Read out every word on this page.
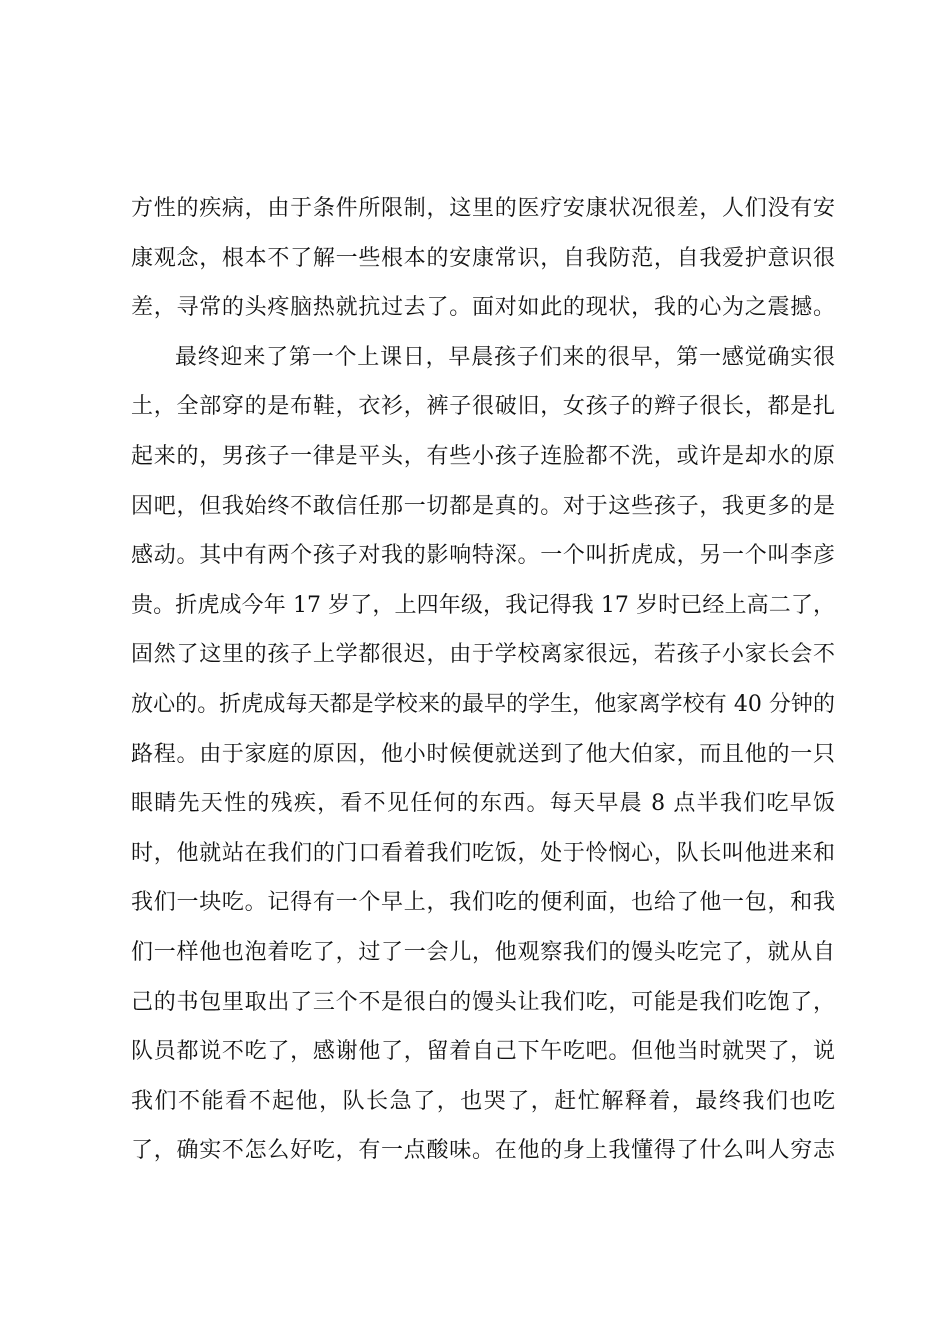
方性的疾病，由于条件所限制，这里的医疗安康状况很差，人们没有安
康观念，根本不了解一些根本的安康常识，自我防范，自我爱护意识很
差，寻常的头疼脑热就抗过去了。面对如此的现状，我的心为之震撼。
最终迎来了第一个上课日，早晨孩子们来的很早，第一感觉确实很
土，全部穿的是布鞋，衣衫，裤子很破旧，女孩子的辫子很长，都是扎
起来的，男孩子一律是平头，有些小孩子连脸都不洗，或许是却水的原
因吧，但我始终不敢信任那一切都是真的。对于这些孩子，我更多的是
感动。其中有两个孩子对我的影响特深。一个叫折虎成，另一个叫李彦
贵。折虎成今年 17 岁了，上四年级，我记得我 17 岁时已经上高二了，
固然了这里的孩子上学都很迟，由于学校离家很远，若孩子小家长会不
放心的。折虎成每天都是学校来的最早的学生，他家离学校有 40 分钟的
路程。由于家庭的原因，他小时候便就送到了他大伯家，而且他的一只
眼睛先天性的残疾，看不见任何的东西。每天早晨 8 点半我们吃早饭
时，他就站在我们的门口看着我们吃饭，处于怜悯心，队长叫他进来和
我们一块吃。记得有一个早上，我们吃的便利面，也给了他一包，和我
们一样他也泡着吃了，过了一会儿，他观察我们的馒头吃完了，就从自
己的书包里取出了三个不是很白的馒头让我们吃，可能是我们吃饱了，
队员都说不吃了，感谢他了，留着自己下午吃吧。但他当时就哭了，说
我们不能看不起他，队长急了，也哭了，赶忙解释着，最终我们也吃
了，确实不怎么好吃，有一点酸味。在他的身上我懂得了什么叫人穷志
